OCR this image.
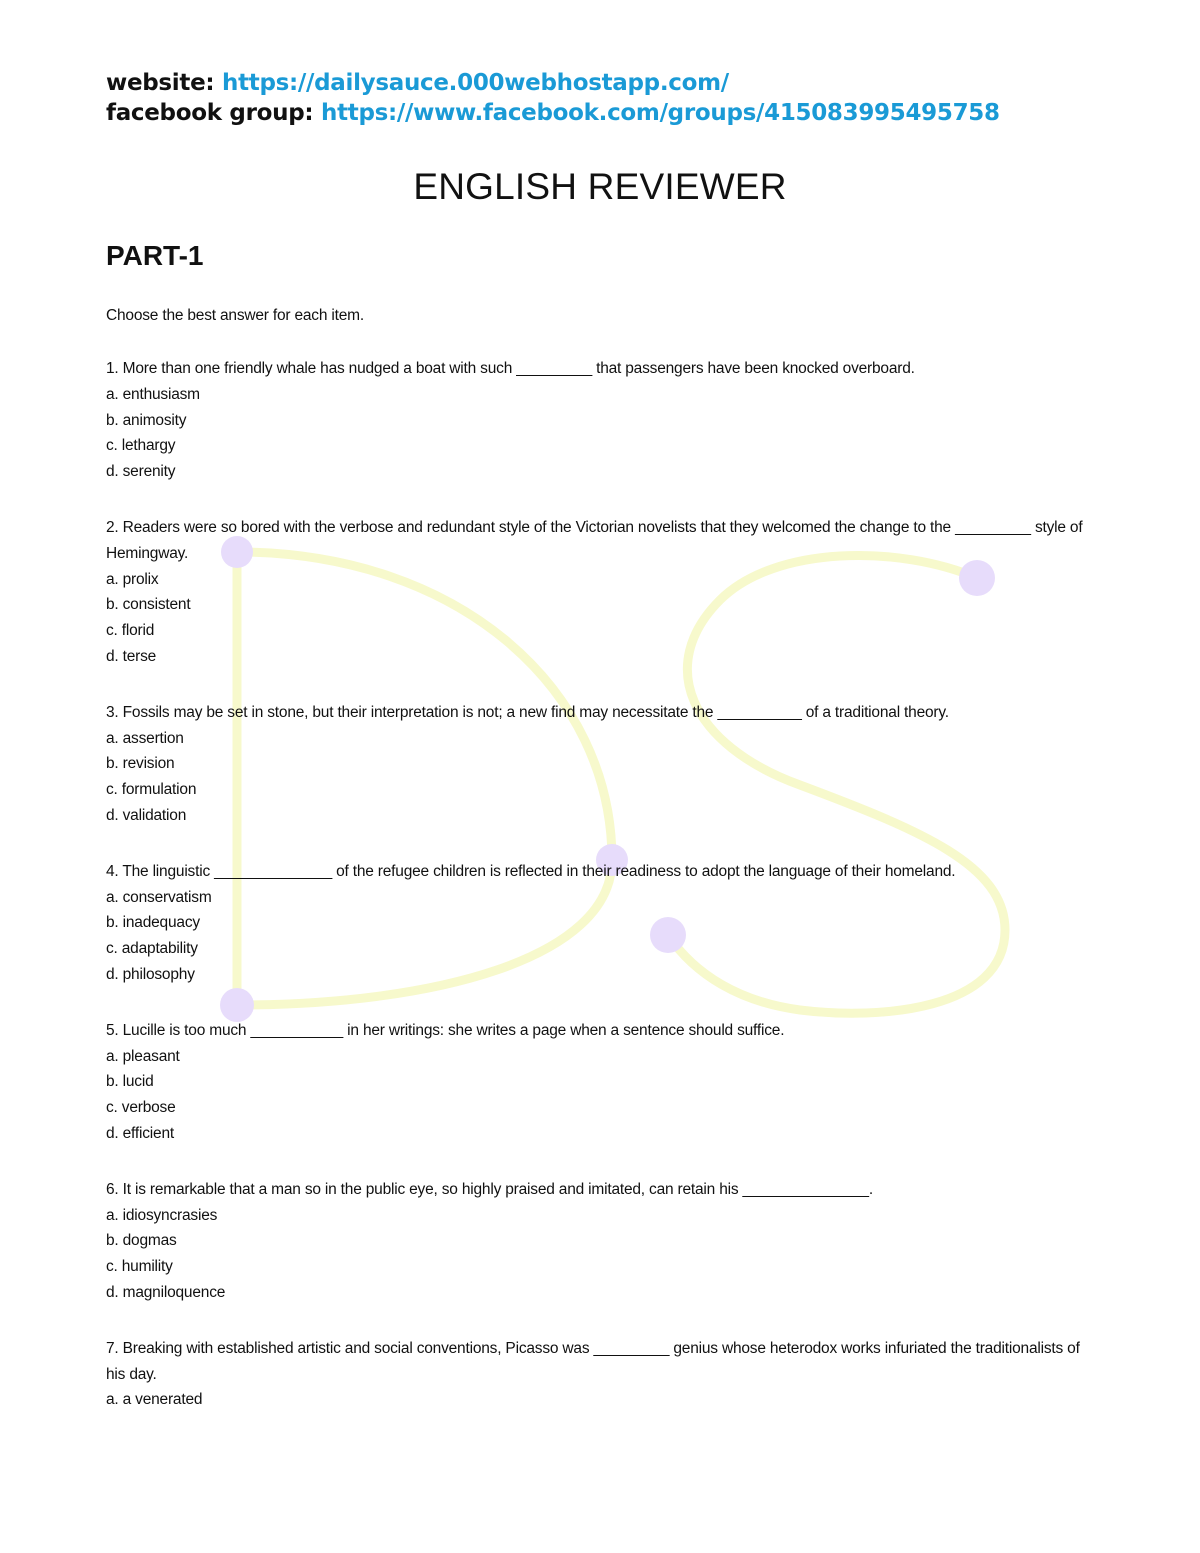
website: https://dailysauce.000webhostapp.com/
facebook group: https://www.facebook.com/groups/415083995495758
ENGLISH REVIEWER
PART-1
Choose the best answer for each item.
1. More than one friendly whale has nudged a boat with such _________ that passengers have been knocked overboard.
a. enthusiasm
b. animosity
c. lethargy
d. serenity
2. Readers were so bored with the verbose and redundant style of the Victorian novelists that they welcomed the change to the _________ style of Hemingway.
a. prolix
b. consistent
c. florid
d. terse
3. Fossils may be set in stone, but their interpretation is not; a new find may necessitate the __________ of a traditional theory.
a. assertion
b. revision
c. formulation
d. validation
4. The linguistic ______________ of the refugee children is reflected in their readiness to adopt the language of their homeland.
a. conservatism
b. inadequacy
c. adaptability
d. philosophy
5. Lucille is too much ___________ in her writings: she writes a page when a sentence should suffice.
a. pleasant
b. lucid
c. verbose
d. efficient
6. It is remarkable that a man so in the public eye, so highly praised and imitated, can retain his _______________.
a. idiosyncrasies
b. dogmas
c. humility
d. magniloquence
7. Breaking with established artistic and social conventions, Picasso was _________ genius whose heterodox works infuriated the traditionalists of his day.
a. a venerated
